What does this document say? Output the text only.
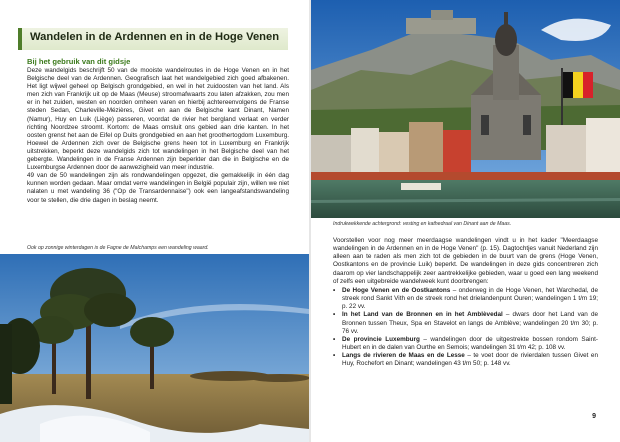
Wandelen in de Ardennen en in de Hoge Venen
Bij het gebruik van dit gidsje

Deze wandelgids beschrijft 50 van de mooiste wandelroutes in de Hoge Venen en in het Belgische deel van de Ardennen. Geografisch laat het wandelgebied zich goed afbakenen. Het ligt wijwel geheel op Belgisch grondgebied, en wel in het zuidoosten van het land. Als men zich van Frankrijk uit op de Maas (Meuse) stroomafwaarts zou laten afzakken, zou men er in het zuiden, westen en noorden omheen varen en hierbij achtereenvolgens de Franse steden Sedan, Charleville-Mézières, Givet en aan de Belgische kant Dinant, Namen (Namur), Huy en Luik (Liège) passeren, voordat de rivier het bergland verlaat en verder richting Noordzee stroomt. Kortom: de Maas omsluit ons gebied aan drie kanten. In het oosten grenst het aan de Eifel op Duits grondgebied en aan het groothertogdom Luxemburg. Hoewel de Ardennen zich over de Belgische grens heen tot in Luxemburg en Frankrijk uitstrekken, beperkt deze wandelgids zich tot wandelingen in het Belgische deel van het gebergte. Wandelingen in de Franse Ardennen zijn beperkter dan die in Belgische en de Luxemburgse Ardennen door de aanwezigheid van meer industrie.

49 van de 50 wandelingen zijn als rondwandelingen opgezet, die gemakkelijk in één dag kunnen worden gedaan. Maar omdat verre wandelingen in België populair zijn, willen we niet nalaten u met wandeling 36 ("Op de Transardennaise") ook een langeafstandswandeling voor te stellen, die drie dagen in beslag neemt.

Ook op zonnige winterdagen is de Fagne de Malchamps een wandeling waard.
Indrukwekkende achtergrond: vesting en kathedraal van Dinant aan de Maas.

Voorstellen voor nog meer meerdaagse wandelingen vindt u in het kader "Meerdaagse wandelingen in de Ardennen en in de Hoge Venen" (p. 15). Dagtochtjes vanuit Nederland zijn alleen aan te raden als men zich tot de gebieden in de buurt van de grens (Hoge Venen, Oostkantons en de provincie Luik) beperkt. De wandelingen in deze gids concentreren zich daarom op vier landschappelijk zeer aantrekkelijke gebieden, waar u goed een lang weekend of zelfs een uitgebreide wandelweek kunt doorbrengen:

• De Hoge Venen en de Oostkantons – onderweg in de Hoge Venen, het Warchedal, de streek rond Sankt Vith en de streek rond het drielandenpunt Ouren; wandelingen 1 t/m 19; p. 22 vv.
• In het Land van de Bronnen en in het Amblèvedal – dwars door het Land van de Bronnen tussen Theux, Spa en Stavelot en langs de Amblève; wandelingen 20 t/m 30; p. 76 vv.
• De provincie Luxemburg – wandelingen door de uitgestrekte bossen rondom Saint-Hubert en in de dalen van Ourthe en Semois; wandelingen 31 t/m 42; p. 108 vv.
• Langs de rivieren de Maas en de Lesse – te voet door de rivierdalen tussen Givet en Huy, Rochefort en Dinant; wandelingen 43 t/m 50; p. 148 vv.
9
